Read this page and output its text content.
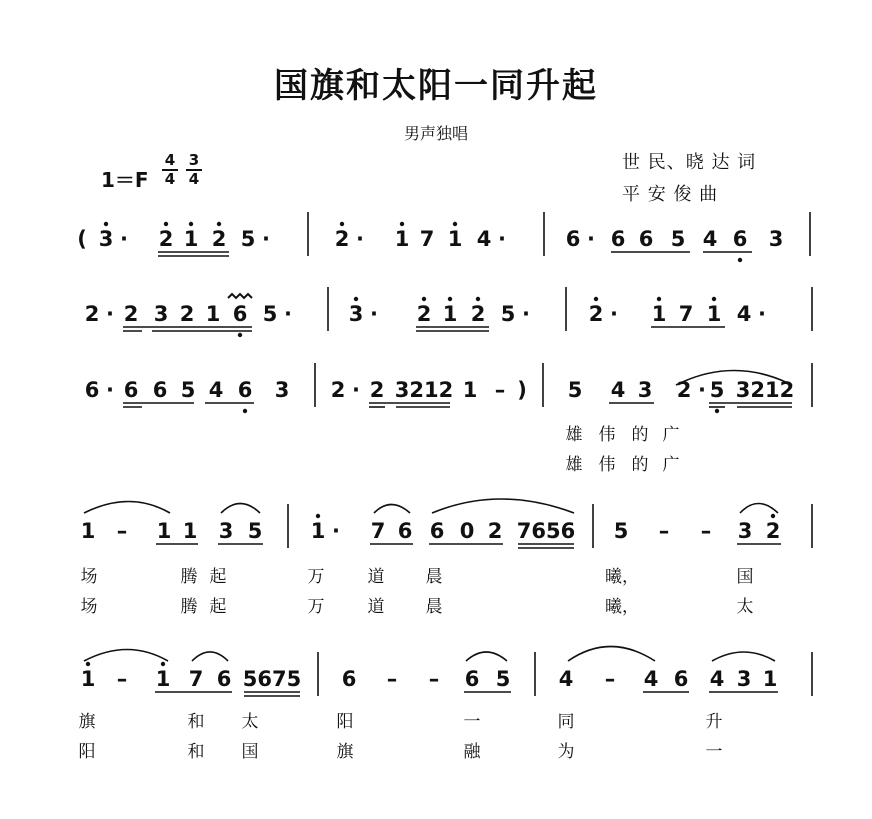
国旗和太阳一同升起
男声独唱
$1=F \frac{4}{4} \frac{3}{4}$	世 民、晓 达 词
平 安 俊 曲
( 3 · 2 1 2 5 ·	2 · 1 7 1 4 ·	6 · 6 6 5 4 6 3
2 · 2 3 2 1 6 5 ·	3 · 2 1 2 5 ·	2 · 1 7 1 4 ·
6 · 6 6 5 4 6 3 2 · 2 3212 1 – ) 5 4 3 2 · 5 3212
1 – 1 1 3 5 1 · 7 6 6 0 2 7656 5 – – 3 2
1 – 1 7 6 5675 6 – – 6 5 4 – 4 6 4 3 1
雄 伟 的 广
雄 伟 的 广
场	腾 起	万	道 晨	曦，	国
场	腾 起	万	道 晨	曦，	太
旗	和 太	阳	一	同	升
阳	和 国	旗	融	为	一
